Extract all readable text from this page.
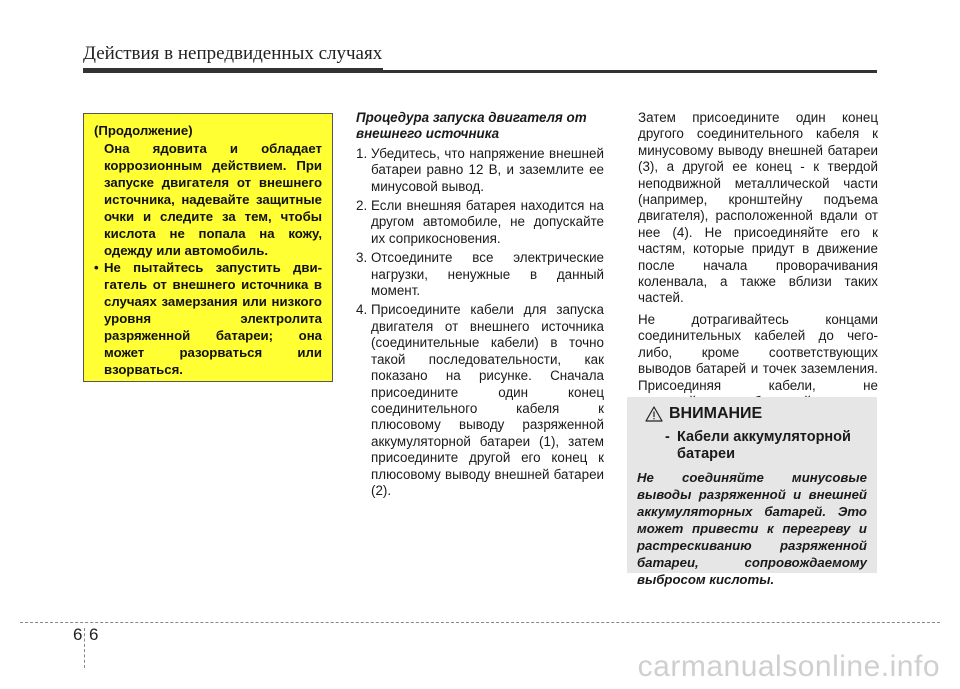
Действия в непредвиденных случаях
(Продолжение)
Она ядовита и обладает коррозионным действием. При запуске двигателя от внешнего источника, надевайте защитные очки и следите за тем, чтобы кислота не попала на кожу, одежду или автомобиль.
• Не пытайтесь запустить дви-гатель от внешнего источника в случаях замерзания или низкого уровня электролита разряженной батареи; она может разорваться или взорваться.
Процедура запуска двигателя от внешнего источника
1. Убедитесь, что напряжение внешней батареи равно 12 В, и заземлите ее минусовой вывод.
2. Если внешняя батарея находится на другом автомобиле, не допускайте их соприкосновения.
3. Отсоедините все электрические нагрузки, ненужные в данный момент.
4. Присоедините кабели для запуска двигателя от внешнего источника (соединительные кабели) в точно такой последовательности, как показано на рисунке. Сначала присоедините один конец соединительного кабеля к плюсовому выводу разряженной аккумуляторной батареи (1), затем присоедините другой его конец к плюсовому выводу внешней батареи (2).

Затем присоедините один конец другого соединительного кабеля к минусовому выводу внешней батареи (3), а другой ее конец - к твердой неподвижной металлической части (например, кронштейну подъема двигателя), расположенной вдали от нее (4). Не присоединяйте его к частям, которые придут в движение после начала проворачивания коленвала, а также вблизи таких частей.

Не дотрагивайтесь концами соединительных кабелей до чего-либо, кроме соответствующих выводов батарей и точек заземления. Присоединяя кабели, не

ВНИМАНИЕ
- Кабели аккумуляторной
батареи
Не соединяйте минусовые выводы разряженной и внешней аккумуляторных батарей. Это может привести к перегреву и растрескиванию разряженной батареи, сопровождаемому выбросом кислоты.
6 6
carmanualsonline.info
